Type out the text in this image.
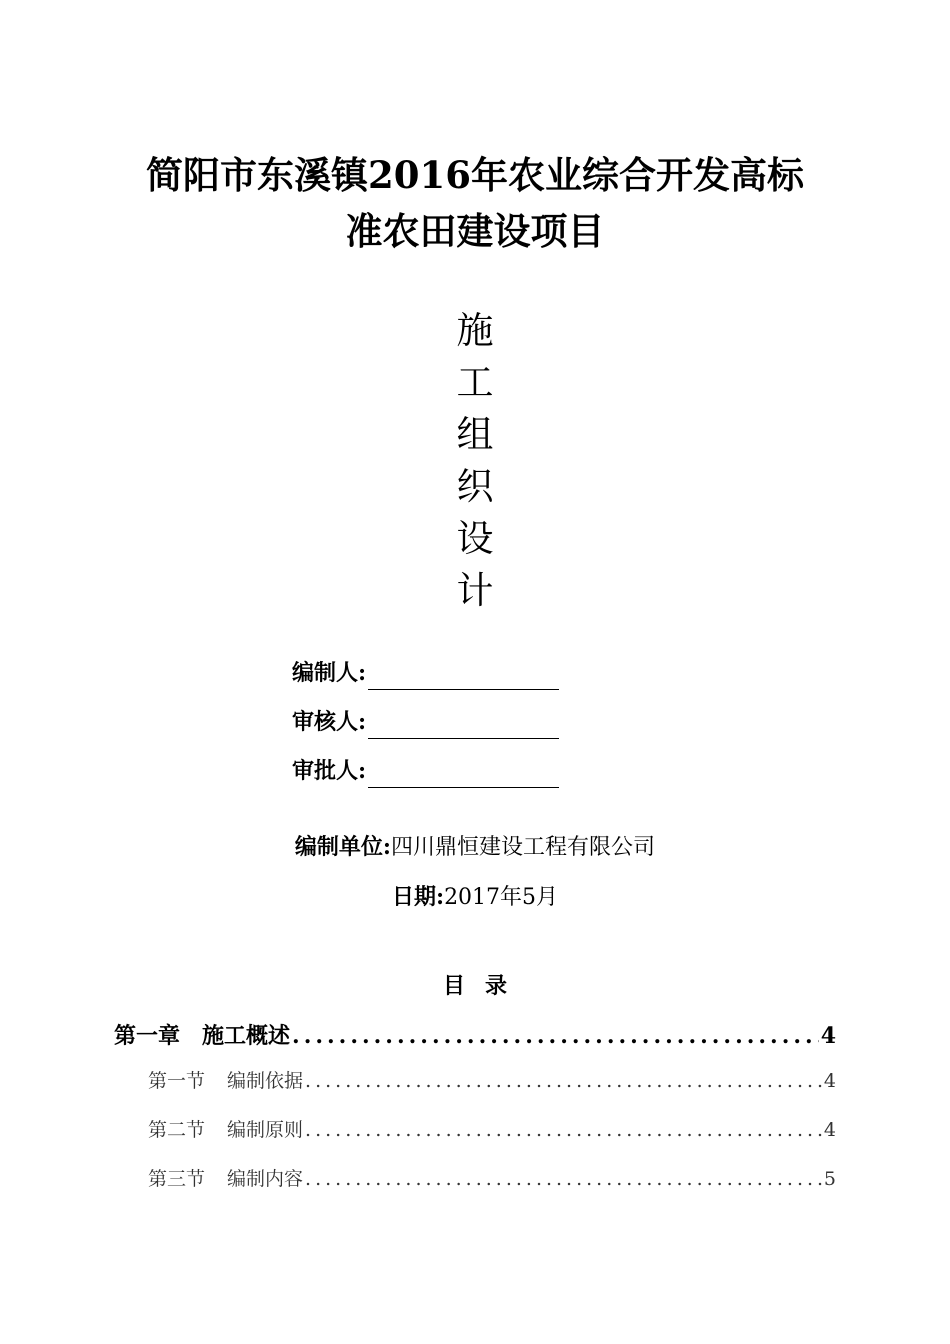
简阳市东溪镇2016年农业综合开发高标
准农田建设项目
施
工
组
织
设
计
编制人:
审核人:
审批人:
编制单位:四川鼎恒建设工程有限公司
日期:2017年5月
目录
第一章 施工概述 .....	4
第一节 编制依据 .....	4
第二节 编制原则 .....	4
第三节 编制内容 .....	5
